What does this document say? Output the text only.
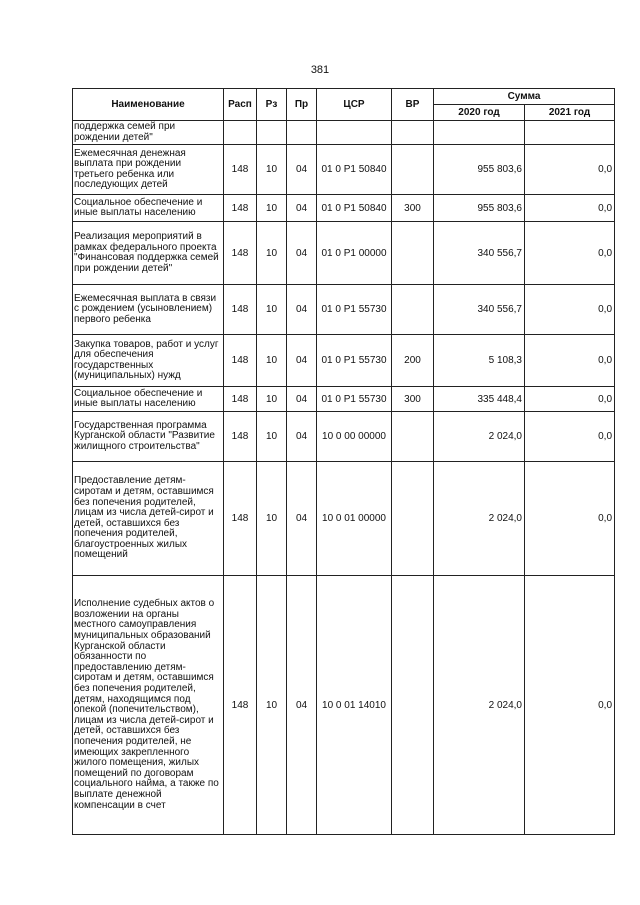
381
Наименование	Расп	Рз	Пр	ЦСР	ВР	Сумма	
						2020 год	2021 год
поддержка семей при рождении детей"							
Ежемесячная денежная выплата при рождении третьего ребенка или последующих детей	148	10	04	01 0 P1 50840		955 803,6	0,0
Социальное обеспечение и иные выплаты населению	148	10	04	01 0 P1 50840	300	955 803,6	0,0
Реализация мероприятий в рамках федерального проекта "Финансовая поддержка семей при рождении детей"	148	10	04	01 0 P1 00000		340 556,7	0,0
Ежемесячная выплата в связи с рождением (усыновлением) первого ребенка	148	10	04	01 0 P1 55730		340 556,7	0,0
Закупка товаров, работ и услуг для обеспечения государственных (муниципальных) нужд	148	10	04	01 0 P1 55730	200	5 108,3	0,0
Социальное обеспечение и иные выплаты населению	148	10	04	01 0 P1 55730	300	335 448,4	0,0
Государственная программа Курганской области "Развитие жилищного строительства"	148	10	04	10 0 00 00000		2 024,0	0,0
Предоставление детям-сиротам и детям, оставшимся без попечения родителей, лицам из числа детей-сирот и детей, оставшихся без попечения родителей, благоустроенных жилых помещений	148	10	04	10 0 01 00000		2 024,0	0,0
Исполнение судебных актов о возложении на органы местного самоуправления муниципальных образований Курганской области обязанности по предоставлению детям-сиротам и детям, оставшимся без попечения родителей, детям, находящимся под опекой (попечительством), лицам из числа детей-сирот и детей, оставшихся без попечения родителей, не имеющих закрепленного жилого помещения, жилых помещений по договорам социального найма, а также по выплате денежной компенсации в счет	148	10	04	10 0 01 14010		2 024,0	0,0
